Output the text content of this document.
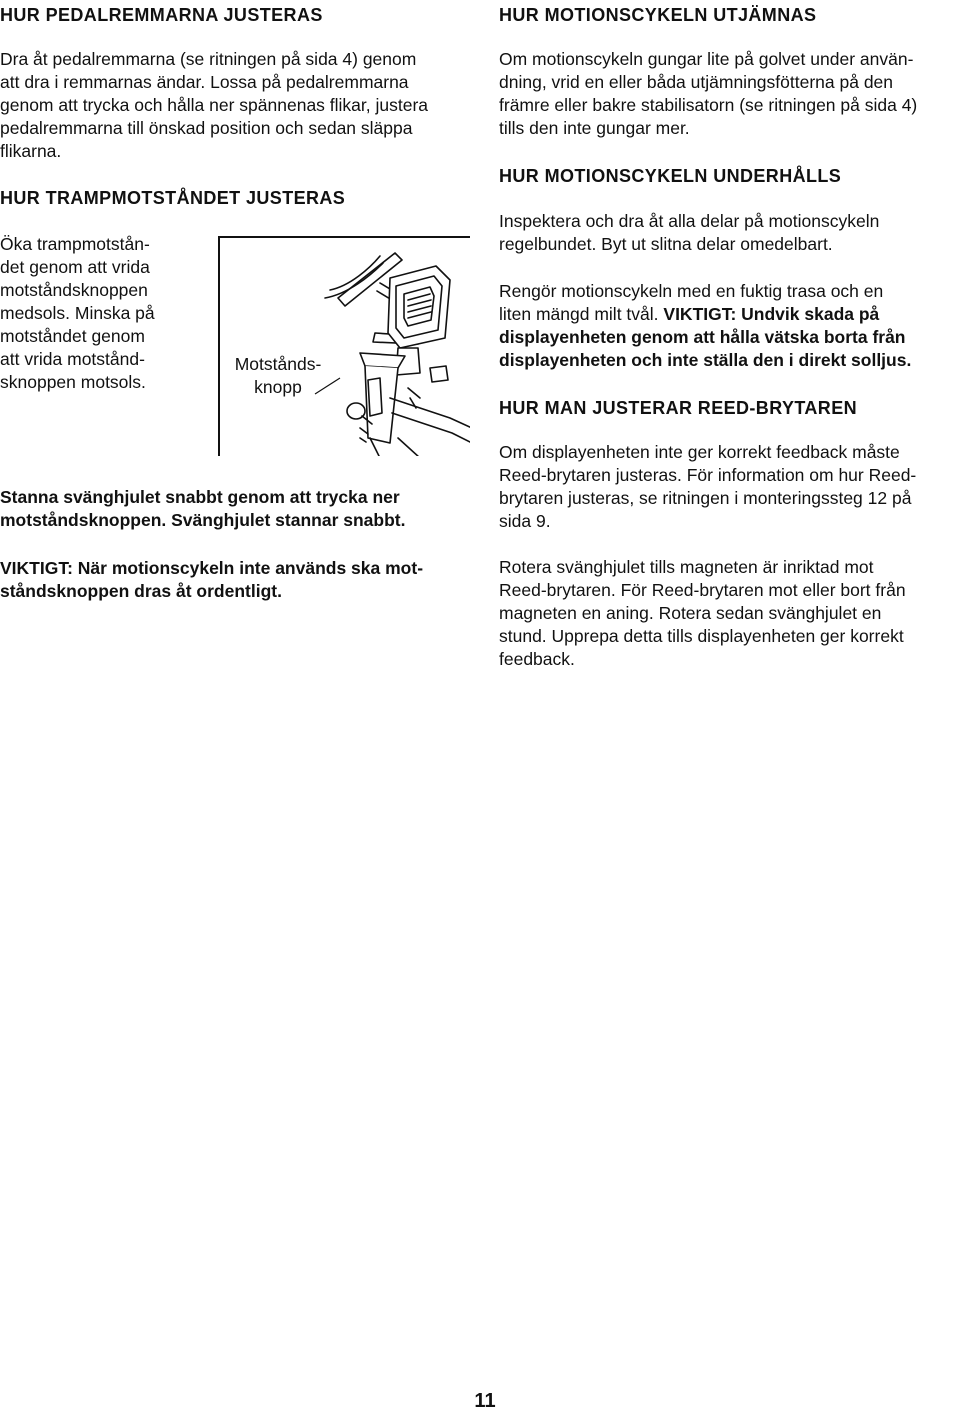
HUR PEDALREMMARNA JUSTERAS

Dra åt pedalremmarna (se ritningen på sida 4) genom

att dra i remmarnas ändar. Lossa på pedalremmarna

genom att trycka och hålla ner spännenas flikar, justera

pedalremmarna till önskad position och sedan släppa

flikarna.

HUR TRAMPMOTSTÅNDET JUSTERAS

Öka trampmotstån-

det genom att vrida

motståndsknoppen

medsols. Minska på

motståndet genom

att vrida motstånd-

sknoppen motsols.

Motstånds-
knopp

Stanna svänghjulet snabbt genom att trycka ner

motståndsknoppen. Svänghjulet stannar snabbt.

VIKTIGT: När motionscykeln inte används ska mot-

ståndsknoppen dras åt ordentligt.

HUR MOTIONSCYKELN UTJÄMNAS

Om motionscykeln gungar lite på golvet under använ-

dning, vrid en eller båda utjämningsfötterna på den

främre eller bakre stabilisatorn (se ritningen på sida 4)

tills den inte gungar mer.

HUR MOTIONSCYKELN UNDERHÅLLS

Inspektera och dra åt alla delar på motionscykeln

regelbundet. Byt ut slitna delar omedelbart.

Rengör motionscykeln med en fuktig trasa och en

liten mängd milt tvål. VIKTIGT: Undvik skada på

displayenheten genom att hålla vätska borta från

displayenheten och inte ställa den i direkt solljus.

HUR MAN JUSTERAR REED-BRYTAREN

Om displayenheten inte ger korrekt feedback måste

Reed-brytaren justeras. För information om hur Reed-

brytaren justeras, se ritningen i monteringssteg 12 på

sida 9.

Rotera svänghjulet tills magneten är inriktad mot

Reed-brytaren. För Reed-brytaren mot eller bort från

magneten en aning. Rotera sedan svänghjulet en

stund. Upprepa detta tills displayenheten ger korrekt

feedback.

11
